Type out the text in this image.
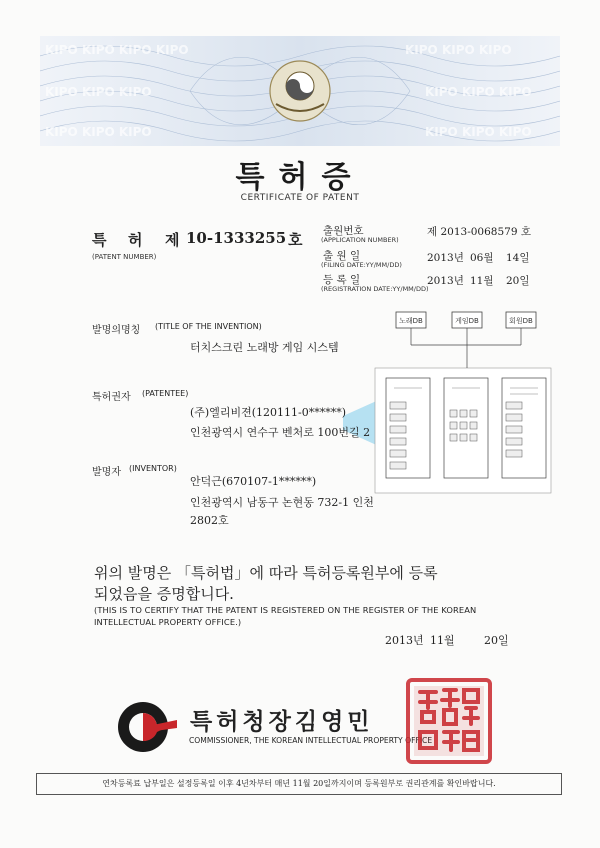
KIPO KIPO KIPO KIPO	KIPO KIPO KIPO
KIPO KIPO KIPO	KIPO KIPO KIPO
KIPO KIPO KIPO	KIPO KIPO KIPO
특허증
CERTIFICATE OF PATENT
특 허 제 10-1333255 호
(PATENT NUMBER)
출원번호
(APPLICATION NUMBER)
제 2013-0068579 호
출 원 일
(FILING DATE:YY/MM/DD)
2013년 06월 14일
등 록 일
(REGISTRATION DATE:YY/MM/DD)
2013년 11월 20일
발명의명칭 (TITLE OF THE INVENTION)
터치스크린 노래방 게임 시스템
특허권자 (PATENTEE)
노래DB	게임DB	회원DB
(주)엘리비젼(120111-0******)
인천광역시 연수구 벤처로 100번길 2
발명자 (INVENTOR)
안덕근(670107-1******)
인천광역시 남동구 논현동 732-1 인천
2802호
위의 발명은 「특허법」에 따라 특허등록원부에 등록
되었음을 증명합니다.
(THIS IS TO CERTIFY THAT THE PATENT IS REGISTERED ON THE REGISTER OF THE KOREAN
INTELLECTUAL PROPERTY OFFICE.)
2013년 11월	20일
특허청장김영민
COMMISSIONER, THE KOREAN INTELLECTUAL PROPERTY OFFICE
연차등록료 납부일은 설정등록일 이후 4년차부터 매년 11월 20일까지이며 등록원부로 권리관계를 확인바랍니다.
